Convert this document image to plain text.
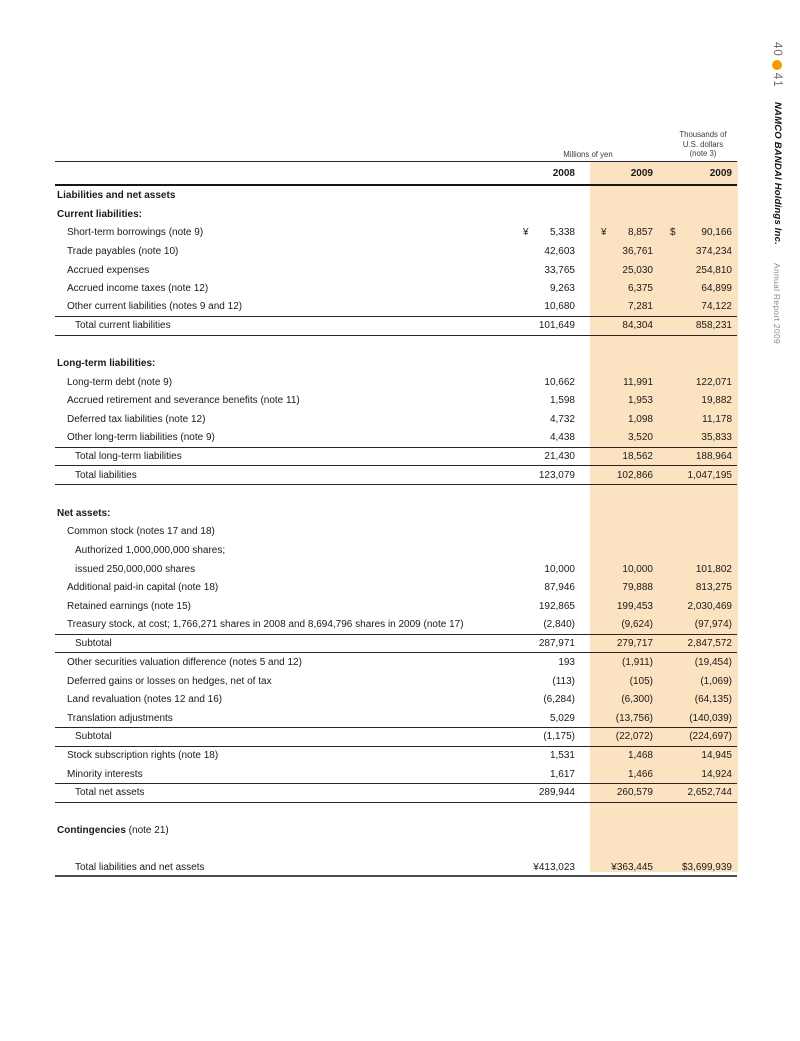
4041NAMCO BANDAI Holdings Inc.Annual Report 2009
Millions of yen
Thousands of
U.S. dollars
(note 3)
2008	2009	2009
Liabilities and net assets
Current liabilities:
Short-term borrowings (note 9)	¥ 5,338	¥ 8,857 $	90,166
Trade payables (note 10)	42,603	36,761	374,234
Accrued expenses	33,765	25,030	254,810
Accrued income taxes (note 12)	9,263	6,375	64,899
Other current liabilities (notes 9 and 12)	10,680	7,281	74,122
Total current liabilities	101,649	84,304	858,231
Long-term liabilities:
Long-term debt (note 9)	10,662	11,991	122,071
Accrued retirement and severance benefits (note 11)	1,598	1,953	19,882
Deferred tax liabilities (note 12)	4,732	1,098	11,178
Other long-term liabilities (note 9)	4,438	3,520	35,833
Total long-term liabilities	21,430	18,562	188,964
Total liabilities	123,079	102,866	1,047,195
Net assets:
Common stock (notes 17 and 18)
Authorized 1,000,000,000 shares;
issued 250,000,000 shares	10,000	10,000	101,802
Additional paid-in capital (note 18)	87,946	79,888	813,275
Retained earnings (note 15)	192,865	199,453	2,030,469
Treasury stock, at cost; 1,766,271 shares in 2008 and 8,694,796 shares in 2009 (note 17)	(2,840)	(9,624)	(97,974)
Subtotal	287,971	279,717	2,847,572
Other securities valuation difference (notes 5 and 12)	193	(1,911)	(19,454)
Deferred gains or losses on hedges, net of tax	(113)	(105)	(1,069)
Land revaluation (notes 12 and 16)	(6,284)	(6,300)	(64,135)
Translation adjustments	5,029	(13,756)	(140,039)
Subtotal	(1,175)	(22,072)	(224,697)
Stock subscription rights (note 18)	1,531	1,468	14,945
Minority interests	1,617	1,466	14,924
Total net assets	289,944	260,579	2,652,744
Contingencies (note 21)
Total liabilities and net assets	¥413,023	¥363,445	$3,699,939
